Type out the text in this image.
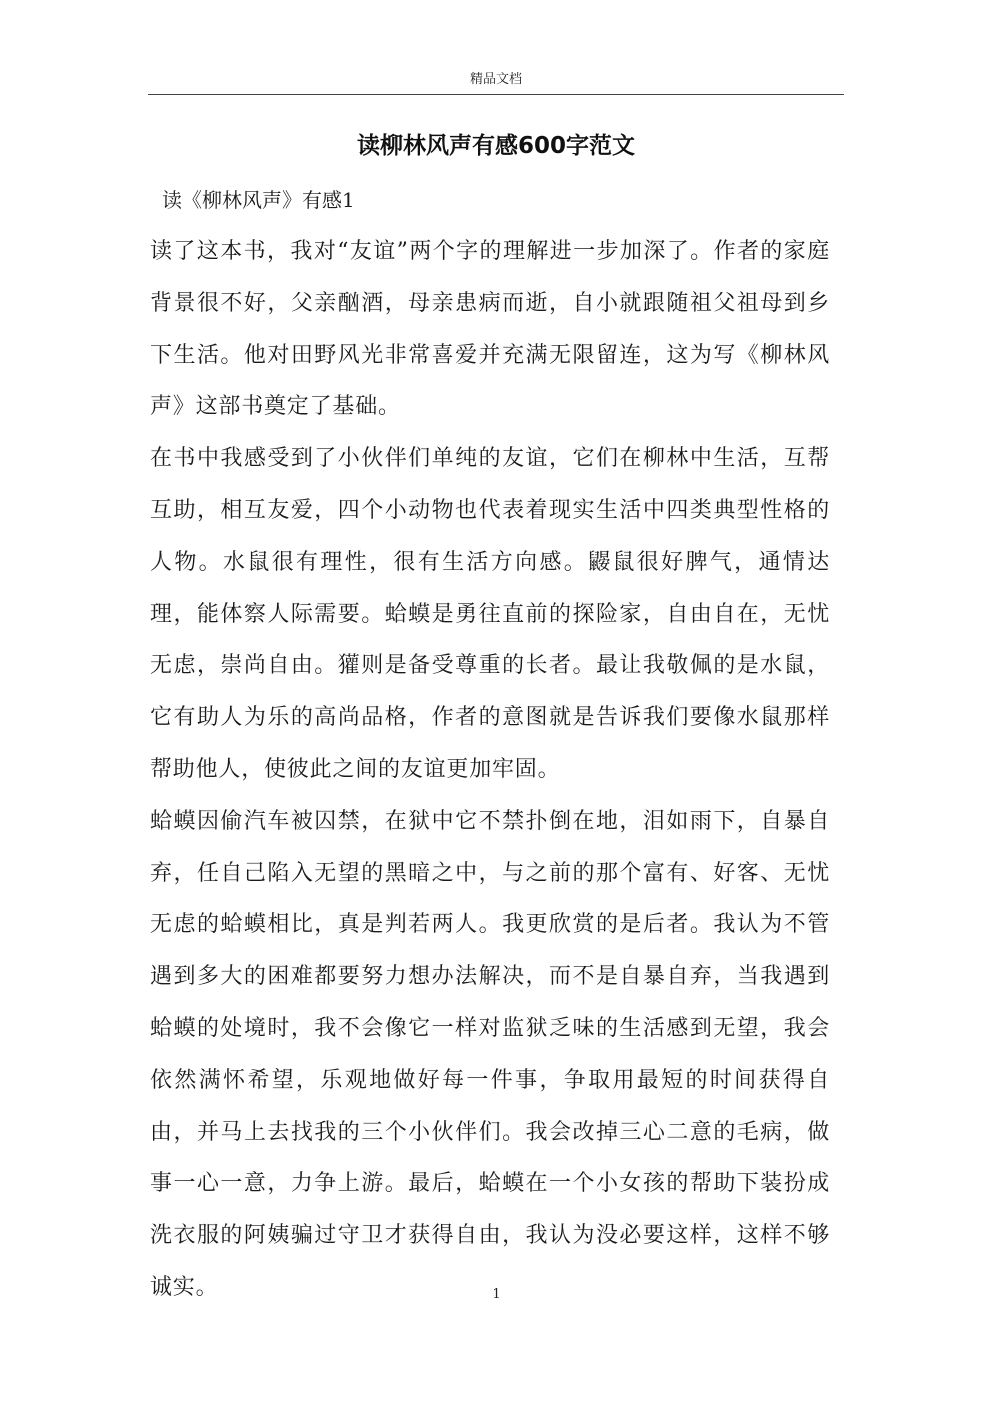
精品文档
读柳林风声有感600字范文
读《柳林风声》有感1

读了这本书，我对“友谊”两个字的理解进一步加深了。作者的家庭背景很不好，父亲酗酒，母亲患病而逝，自小就跟随祖父祖母到乡下生活。他对田野风光非常喜爱并充满无限留连，这为写《柳林风声》这部书奠定了基础。

在书中我感受到了小伙伴们单纯的友谊，它们在柳林中生活，互帮互助，相互友爱，四个小动物也代表着现实生活中四类典型性格的人物。水鼠很有理性，很有生活方向感。鼹鼠很好脾气，通情达理，能体察人际需要。蛤蟆是勇往直前的探险家，自由自在，无忧无虑，崇尚自由。獾则是备受尊重的长者。最让我敬佩的是水鼠，它有助人为乐的高尚品格，作者的意图就是告诉我们要像水鼠那样帮助他人，使彼此之间的友谊更加牢固。

蛤蟆因偷汽车被囚禁，在狱中它不禁扑倒在地，泪如雨下，自暴自弃，任自己陷入无望的黑暗之中，与之前的那个富有、好客、无忧无虑的蛤蟆相比，真是判若两人。我更欣赏的是后者。我认为不管遇到多大的困难都要努力想办法解决，而不是自暴自弃，当我遇到蛤蟆的处境时，我不会像它一样对监狱乏味的生活感到无望，我会依然满怀希望，乐观地做好每一件事，争取用最短的时间获得自由，并马上去找我的三个小伙伴们。我会改掉三心二意的毛病，做事一心一意，力争上游。最后，蛤蟆在一个小女孩的帮助下装扮成洗衣服的阿姨骗过守卫才获得自由，我认为没必要这样，这样不够诚实。	1
